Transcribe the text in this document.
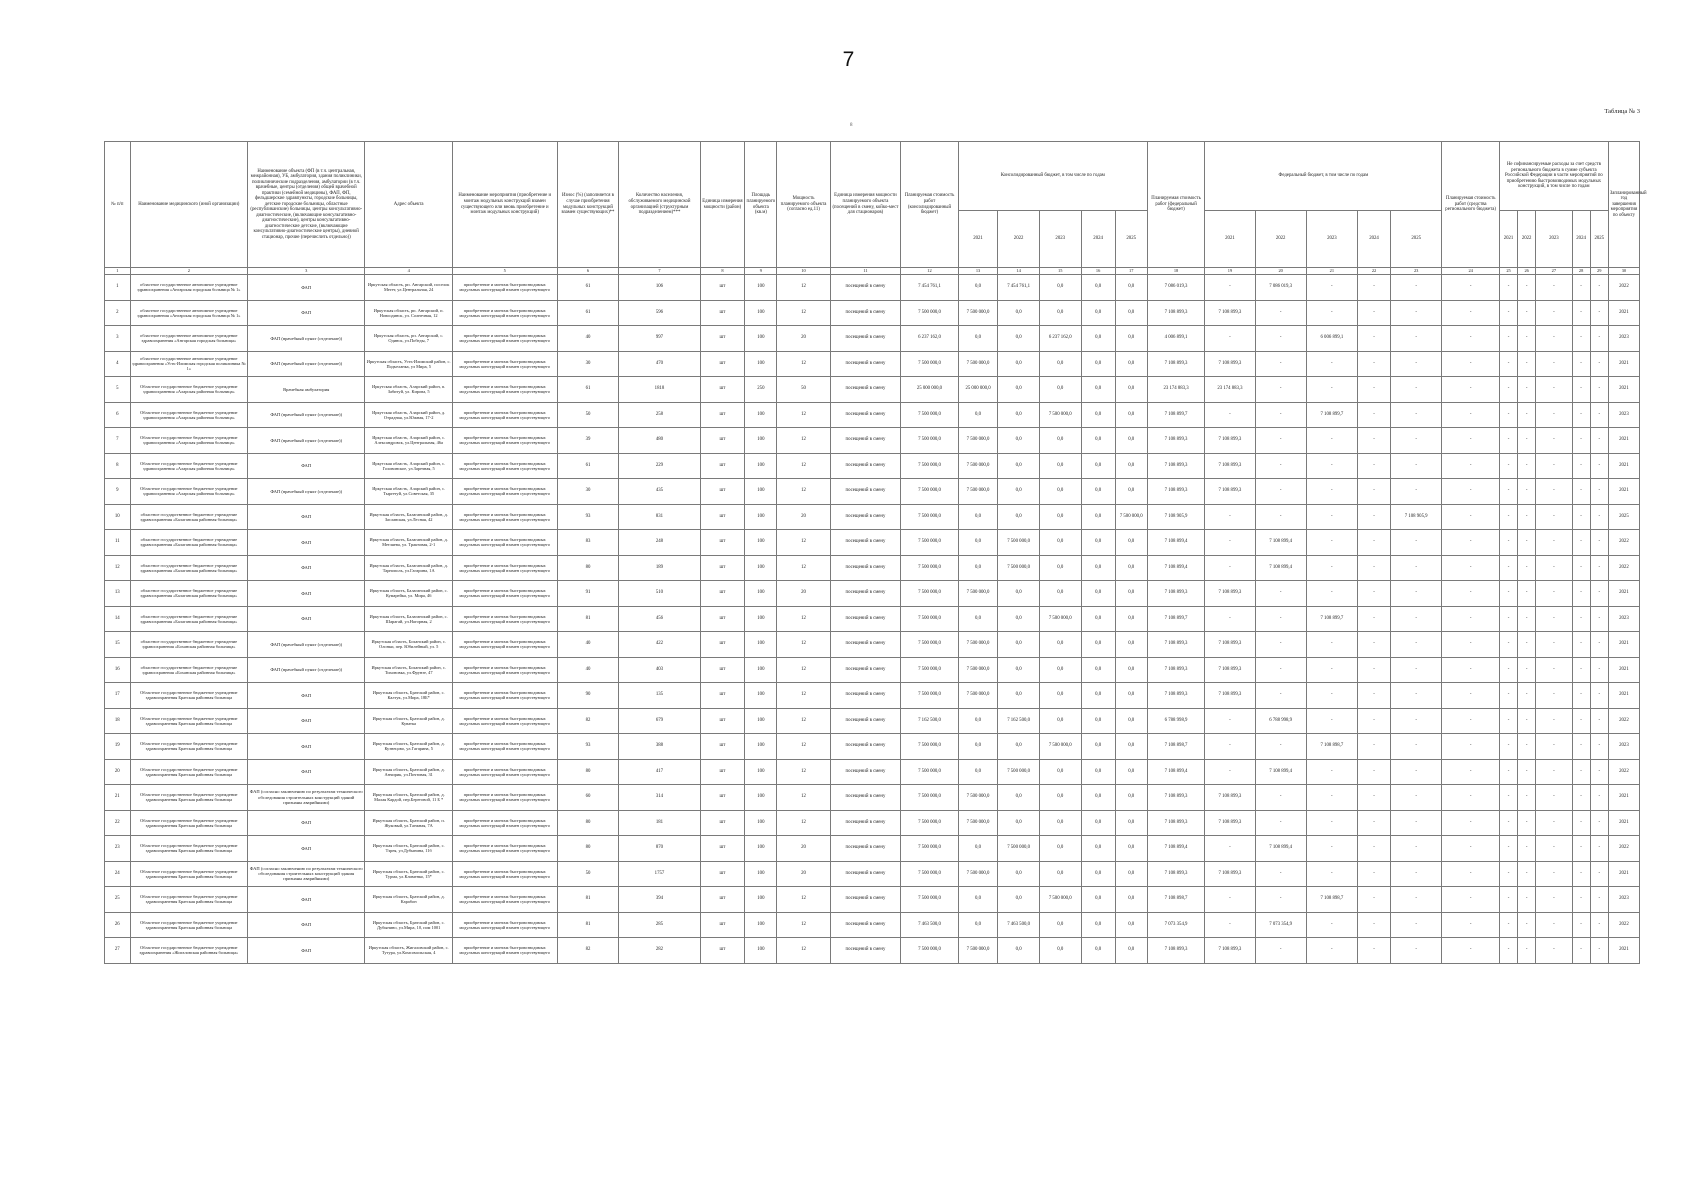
7
8
Таблица № 3
№ п/п	Наименование медицинского (иной организации)	Наименование объекта (ФП (в т.ч. центральная, межрайонная), УБ, амбулатория, здания поликлиники, поликлинические подразделения, амбулатории (в т.ч. врачебные, центры (отделения) общей врачебной практики (семейной медицины), ФАП, ФП, фельдшерские здравпункты, городские больницы, детские городские больницы, областные (республиканские) больницы, центры консультативно-диагностические, (включающие консультативно-диагностические), центры консультативно-диагностические детские, (включающие консультативно-диагностические центры), дневной стационар, прочие (перечислить отдельно))	Адрес объекта	Наименование мероприятия (приобретение и монтаж модульных конструкций взамен существующего или вновь приобретение и монтаж модульных конструкций)	Износ (%) (заполняется в случае приобретения модульных конструкций взамен существующих)**	Количество населения, обслуживаемого медицинской организацией (структурным подразделением)***	Единица измерения мощности (район)	Площадь планируемого объекта (кв.м)	Мощность планируемого объекта (согласно ед.11)	Единица измерения мощности планируемого объекта (посещений в смену, койко-мест для стационаров)	Планируемая стоимость работ (консолидированный бюджет)	Консолидированный бюджет, в том числе по годам					Планируемая стоимость работ (федеральный бюджет)	Федеральный бюджет, в том числе по годам					Планируемая стоимость работ (средства регионального бюджета)	Не софинансируемые расходы за счет средств регионального бюджета в сумме субъекта Российской Федерации в части мероприятий по приобретению быстровозводимых модульных конструкций, в том числе по годам					Запланированный год завершения мероприятия по объекту
												2021	2022	2023	2024	2025		2021	2022	2023	2024	2025		2021	2022	2023	2024	2025	
1	2	3	4	5	6	7	8	9	10	11	12	13	14	15	16	17	18	19	20	21	22	23	24	25	26	27	28	29	30
1	областное государственное автономное учреждение здравоохранения «Ангарская городская больница № 1»	ФАП	Иркутская область, рп. Ангарский, поселок Мегет, ул.Центральная, 24	приобретение и монтаж быстровозводимых модульных конструкций взамен существующего	61	106	шт	100	12	посещений в смену	7 454 761,1	0,0	7 454 761,1	0,0	0,0	0,0	7 086 019,3	-	7 086 019,3	-	-	-	-	-	-	-	-	-	2022
2	областное государственное автономное учреждение здравоохранения «Ангарская городская больница № 1»	ФАП	Иркутская область, рп. Ангарский, п. Новоодинск, ул. Солнечная, 12	приобретение и монтаж быстровозводимых модульных конструкций взамен существующего	61	596	шт	100	12	посещений в смену	7 500 000,0	7 500 000,0	0,0	0,0	0,0	0,0	7 108 899,3	7 108 899,3	-	-	-	-	-	-	-	-	-	-	2021
3	областное государственное автономное учреждение здравоохранения «Ангарская городская больница»	ФАП (врачебный пункт (отделение))	Иркутская область, рп. Ангарский, с. Одинск, ул.Победы, 7	приобретение и монтаж быстровозводимых модульных конструкций взамен существующего	40	997	шт	100	20	посещений в смену	6 237 162,0	0,0	0,0	6 237 162,0	0,0	0,0	4 006 899,1	-	-	6 006 899,1	-	-	-	-	-	-	-	-	2023
4	областное государственное автономное учреждение здравоохранения «Усть-Илимская городская поликлиника № 1»	ФАП (врачебный пункт (отделение))	Иркутская область, Усть-Илимский район, с. Подъеланка, ул Мира, 5	приобретение и монтаж быстровозводимых модульных конструкций взамен существующего	30	470	шт	100	12	посещений в смену	7 500 000,0	7 500 000,0	0,0	0,0	0,0	0,0	7 108 899,3	7 108 899,3	-	-	-	-	-	-	-	-	-	-	2021
5	Областное государственное бюджетное учреждение здравоохранения «Аларская районная больница»	Врачебная амбулатория	Иркутская область, Аларский район, п. Забитуй, ул. Кирова, 5	приобретение и монтаж быстровозводимых модульных конструкций взамен существующего	61	1818	шт	250	50	посещений в смену	25 000 000,0	25 000 000,0	0,0	0,0	0,0	0,0	23 174 883,3	23 174 883,3	-	-	-	-	-	-	-	-	-	-	2021
6	Областное государственное бюджетное учреждение здравоохранения «Аларская районная больница»	ФАП (врачебный пункт (отделение))	Иркутская область, Аларский район, д. Отрадная, ул.Южная, 17-2	приобретение и монтаж быстровозводимых модульных конструкций взамен существующего	50	258	шт	100	12	посещений в смену	7 500 000,0	0,0	0,0	7 500 000,0	0,0	0,0	7 108 899,7	-	-	7 108 899,7	-	-	-	-	-	-	-	-	2023
7	Областное государственное бюджетное учреждение здравоохранения «Аларская районная больница»	ФАП (врачебный пункт (отделение))	Иркутская область, Аларский район, с. Александровск, ул.Центральная, 46а	приобретение и монтаж быстровозводимых модульных конструкций взамен существующего	39	480	шт	100	12	посещений в смену	7 500 000,0	7 500 000,0	0,0	0,0	0,0	0,0	7 108 899,3	7 108 899,3	-	-	-	-	-	-	-	-	-	-	2021
8	Областное государственное бюджетное учреждение здравоохранения «Аларская районная больница»	ФАП	Иркутская область, Аларский район, с. Головинское, ул.Заречная, 5	приобретение и монтаж быстровозводимых модульных конструкций взамен существующего	61	229	шт	100	12	посещений в смену	7 500 000,0	7 500 000,0	0,0	0,0	0,0	0,0	7 108 899,3	7 108 899,3	-	-	-	-	-	-	-	-	-	-	2021
9	Областное государственное бюджетное учреждение здравоохранения «Аларская районная больница»	ФАП (врачебный пункт (отделение))	Иркутская область, Аларский район, с. Тыргетуй, ул.Советская, 35	приобретение и монтаж быстровозводимых модульных конструкций взамен существующего	30	435	шт	100	12	посещений в смену	7 500 000,0	7 500 000,0	0,0	0,0	0,0	0,0	7 108 899,3	7 108 899,3	-	-	-	-	-	-	-	-	-	-	2021
10	областное государственное бюджетное учреждение здравоохранения «Балаганская районная больница»	ФАП	Иркутская область, Балаганский район, д. Заславская, ул.Лесная, 42	приобретение и монтаж быстровозводимых модульных конструкций взамен существующего	93	831	шт	100	20	посещений в смену	7 500 000,0	0,0	0,0	0,0	0,0	7 500 000,0	7 108 905,9	-	-	-	-	7 108 905,9	-	-	-	-	-	-	2025
11	областное государственное бюджетное учреждение здравоохранения «Балаганская районная больница»	ФАП	Иркутская область, Балаганский район, д. Метляева, ул. Трактовая, 2-1	приобретение и монтаж быстровозводимых модульных конструкций взамен существующего	83	248	шт	100	12	посещений в смену	7 500 000,0	0,0	7 500 000,0	0,0	0,0	0,0	7 108 899,4	-	7 108 899,4	-	-	-	-	-	-	-	-	-	2022
12	областное государственное бюджетное учреждение здравоохранения «Балаганская районная больница»	ФАП	Иркутская область, Балаганский район, д. Тарнополь, ул.Гагарина, 1А	приобретение и монтаж быстровозводимых модульных конструкций взамен существующего	80	189	шт	100	12	посещений в смену	7 500 000,0	0,0	7 500 000,0	0,0	0,0	0,0	7 108 899,4	-	7 108 899,4	-	-	-	-	-	-	-	-	-	2022
13	областное государственное бюджетное учреждение здравоохранения «Балаганская районная больница»	ФАП	Иркутская область, Балаганский район, с. Кумарейка, ул. Мира, 46	приобретение и монтаж быстровозводимых модульных конструкций взамен существующего	91	510	шт	100	20	посещений в смену	7 500 000,0	7 500 000,0	0,0	0,0	0,0	0,0	7 108 899,3	7 108 899,3	-	-	-	-	-	-	-	-	-	-	2021
14	областное государственное бюджетное учреждение здравоохранения «Балаганская районная больница»	ФАП	Иркутская область, Балаганский район, с. Шарагай, ул.Нагорная, 2	приобретение и монтаж быстровозводимых модульных конструкций взамен существующего	81	456	шт	100	12	посещений в смену	7 500 000,0	0,0	0,0	7 500 000,0	0,0	0,0	7 108 899,7	-	-	7 108 899,7	-	-	-	-	-	-	-	-	2023
15	областное государственное бюджетное учреждение здравоохранения «Боханская районная больница»	ФАП (врачебный пункт (отделение))	Иркутская область, Боханский район, с. Олонки, пер. Юбилейный, ул. 5	приобретение и монтаж быстровозводимых модульных конструкций взамен существующего	40	422	шт	100	12	посещений в смену	7 500 000,0	7 500 000,0	0,0	0,0	0,0	0,0	7 108 899,3	7 108 899,3	-	-	-	-	-	-	-	-	-	-	2021
16	областное государственное бюджетное учреждение здравоохранения «Боханская районная больница»	ФАП (врачебный пункт (отделение))	Иркутская область, Боханский район, с. Тихоновка, ул.Фрунзе, 47	приобретение и монтаж быстровозводимых модульных конструкций взамен существующего	40	403	шт	100	12	посещений в смену	7 500 000,0	7 500 000,0	0,0	0,0	0,0	0,0	7 108 899,3	7 108 899,3	-	-	-	-	-	-	-	-	-	-	2021
17	Областное государственное бюджетное учреждение здравоохранения Братская районная больница	ФАП	Иркутская область, Братский район, с. Калтук, ул.Мира, 18Б*	приобретение и монтаж быстровозводимых модульных конструкций взамен существующего	90	135	шт	100	12	посещений в смену	7 500 000,0	7 500 000,0	0,0	0,0	0,0	0,0	7 108 899,3	7 108 899,3	-	-	-	-	-	-	-	-	-	-	2021
18	Областное государственное бюджетное учреждение здравоохранения Братская районная больница	ФАП	Иркутская область, Братский район, д. Куватка	приобретение и монтаж быстровозводимых модульных конструкций взамен существующего	82	679	шт	100	12	посещений в смену	7 162 500,0	0,0	7 162 500,0	0,0	0,0	0,0	6 788 998,9	-	6 788 998,9	-	-	-	-	-	-	-	-	-	2022
19	Областное государственное бюджетное учреждение здравоохранения Братская районная больница	ФАП	Иркутская область, Братский район, д. Кузнецово, ул.Гагарина, 5	приобретение и монтаж быстровозводимых модульных конструкций взамен существующего	93	388	шт	100	12	посещений в смену	7 500 000,0	0,0	0,0	7 500 000,0	0,0	0,0	7 108 898,7	-	-	7 108 898,7	-	-	-	-	-	-	-	-	2023
20	Областное государственное бюджетное учреждение здравоохранения Братская районная больница	ФАП	Иркутская область, Братский район, д. Анчирик, ул.Почтовая, 31	приобретение и монтаж быстровозводимых модульных конструкций взамен существующего	80	417	шт	100	12	посещений в смену	7 500 000,0	0,0	7 500 000,0	0,0	0,0	0,0	7 108 899,4	-	7 108 899,4	-	-	-	-	-	-	-	-	-	2022
21	Областное государственное бюджетное учреждение здравоохранения Братская районная больница	ФАП (согласно заключению по результатам технического обследования строительных конструкций зданий признаны аварийными)	Иркутская область, Братский район, д. Малая Кардой, пер.Береговой, 11 Б *	приобретение и монтаж быстровозводимых модульных конструкций взамен существующего	60	314	шт	100	12	посещений в смену	7 500 000,0	7 500 000,0	0,0	0,0	0,0	0,0	7 108 899,3	7 108 899,3	-	-	-	-	-	-	-	-	-	-	2021
22	Областное государственное бюджетное учреждение здравоохранения Братская районная больница	ФАП	Иркутская область, Братский район, п. Жуковый, ул.Таежная, 7А	приобретение и монтаж быстровозводимых модульных конструкций взамен существующего	80	181	шт	100	12	посещений в смену	7 500 000,0	7 500 000,0	0,0	0,0	0,0	0,0	7 108 899,3	7 108 899,3	-	-	-	-	-	-	-	-	-	-	2021
23	Областное государственное бюджетное учреждение здравоохранения Братская районная больница	ФАП	Иркутская область, Братский район, с. Тэрея, ул.Дубынина, 11б	приобретение и монтаж быстровозводимых модульных конструкций взамен существующего	80	870	шт	100	20	посещений в смену	7 500 000,0	0,0	7 500 000,0	0,0	0,0	0,0	7 108 899,4	-	7 108 899,4	-	-	-	-	-	-	-	-	-	2022
24	Областное государственное бюджетное учреждение здравоохранения Братская районная больница	ФАП (согласно заключению по результатам технического обследования строительных конструкций здания признаны аварийными)	Иркутская область, Братский район, с. Турма, ул.Клименко, 15*	приобретение и монтаж быстровозводимых модульных конструкций взамен существующего	50	1757	шт	100	20	посещений в смену	7 500 000,0	7 500 000,0	0,0	0,0	0,0	0,0	7 108 899,3	7 108 899,3	-	-	-	-	-	-	-	-	-	-	2021
25	Областное государственное бюджетное учреждение здравоохранения Братская районная больница	ФАП	Иркутская область, Братский район, д. Карабон	приобретение и монтаж быстровозводимых модульных конструкций взамен существующего	81	394	шт	100	12	посещений в смену	7 500 000,0	0,0	0,0	7 500 000,0	0,0	0,0	7 108 898,7	-	-	7 108 898,7	-	-	-	-	-	-	-	-	2023
26	Областное государственное бюджетное учреждение здравоохранения Братская районная больница	ФАП	Иркутская область, Братский район, с. Дубынино, ул.Мира, 10, пом 1001	приобретение и монтаж быстровозводимых модульных конструкций взамен существующего	81	285	шт	100	12	посещений в смену	7 463 500,0	0,0	7 463 500,0	0,0	0,0	0,0	7 073 354,9	-	7 073 354,9	-	-	-	-	-	-	-	-	-	2022
27	Областное государственное бюджетное учреждение здравоохранения «Жигаловская районная больница»	ФАП	Иркутская область, Жигаловский район, с. Тутура, ул.Комсомольская, 4	приобретение и монтаж быстровозводимых модульных конструкций взамен существующего	82	282	шт	100	12	посещений в смену	7 500 000,0	7 500 000,0	0,0	0,0	0,0	0,0	7 108 899,3	7 108 899,3	-	-	-	-	-	-	-	-	-	-	2021
